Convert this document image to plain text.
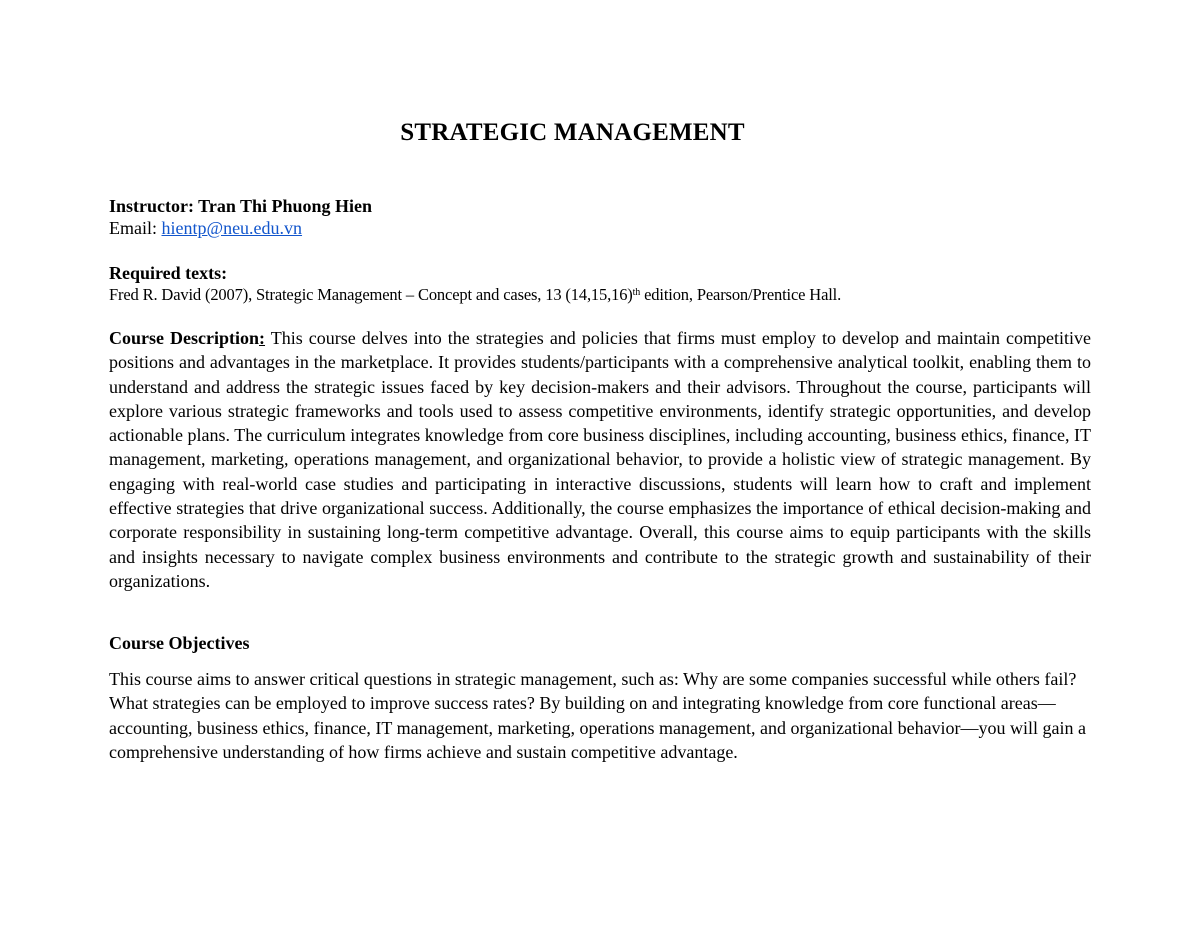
STRATEGIC MANAGEMENT
Instructor: Tran Thi Phuong Hien
Email: hientp@neu.edu.vn
Required texts:
Fred R. David (2007), Strategic Management – Concept and cases, 13 $(14,15,16)^{th}$ edition, Pearson/Prentice Hall.
Course Description: This course delves into the strategies and policies that firms must employ to develop and maintain competitive positions and advantages in the marketplace. It provides students/participants with a comprehensive analytical toolkit, enabling them to understand and address the strategic issues faced by key decision-makers and their advisors. Throughout the course, participants will explore various strategic frameworks and tools used to assess competitive environments, identify strategic opportunities, and develop actionable plans. The curriculum integrates knowledge from core business disciplines, including accounting, business ethics, finance, IT management, marketing, operations management, and organizational behavior, to provide a holistic view of strategic management. By engaging with real-world case studies and participating in interactive discussions, students will learn how to craft and implement effective strategies that drive organizational success. Additionally, the course emphasizes the importance of ethical decision-making and corporate responsibility in sustaining long-term competitive advantage. Overall, this course aims to equip participants with the skills and insights necessary to navigate complex business environments and contribute to the strategic growth and sustainability of their organizations.
Course Objectives
This course aims to answer critical questions in strategic management, such as: Why are some companies successful while others fail? What strategies can be employed to improve success rates? By building on and integrating knowledge from core functional areas—accounting, business ethics, finance, IT management, marketing, operations management, and organizational behavior—you will gain a comprehensive understanding of how firms achieve and sustain competitive advantage.
